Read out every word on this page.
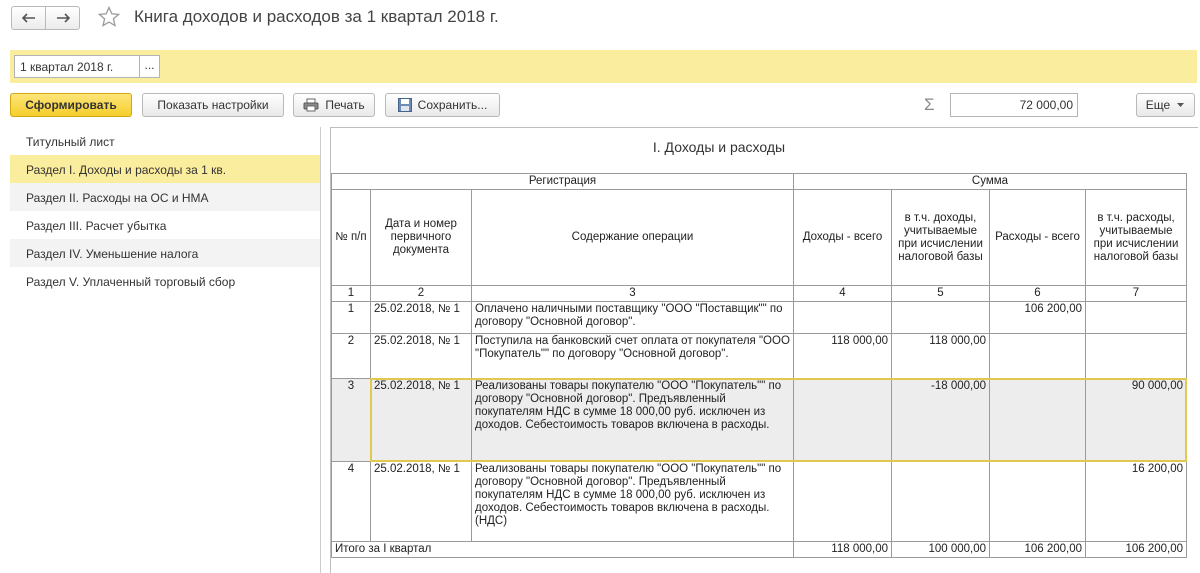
Книга доходов и расходов за 1 квартал 2018 г.
1 квартал 2018 г.	...
Сформировать	Показать настройки	Печать	Сохранить...	Σ	72 000,00	Еще
Титульный лист
Раздел I. Доходы и расходы за 1 кв.
Раздел II. Расходы на ОС и НМА
Раздел III. Расчет убытка
Раздел IV. Уменьшение налога
Раздел V. Уплаченный торговый сбор
I. Доходы и расходы
Регистрация			Сумма			
№ п/п	Дата и номер первичного документа	Содержание операции	Доходы - всего	в т.ч. доходы, учитываемые при исчислении налоговой базы	Расходы - всего	в т.ч. расходы, учитываемые при исчислении налоговой базы
1	2	3	4	5	6	7
1	25.02.2018, № 1	Оплачено наличными поставщику "ООО "Поставщик"" по договору "Основной договор".			106 200,00	
2	25.02.2018, № 1	Поступила на банковский счет оплата от покупателя "ООО "Покупатель"" по договору "Основной договор".	118 000,00	118 000,00		
3	25.02.2018, № 1	Реализованы товары покупателю "ООО "Покупатель"" по договору "Основной договор". Предъявленный покупателям НДС в сумме 18 000,00 руб. исключен из доходов. Себестоимость товаров включена в расходы.		-18 000,00		90 000,00
4	25.02.2018, № 1	Реализованы товары покупателю "ООО "Покупатель"" по договору "Основной договор". Предъявленный покупателям НДС в сумме 18 000,00 руб. исключен из доходов. Себестоимость товаров включена в расходы. (НДС)				16 200,00
Итого за I квартал			118 000,00	100 000,00	106 200,00	106 200,00
